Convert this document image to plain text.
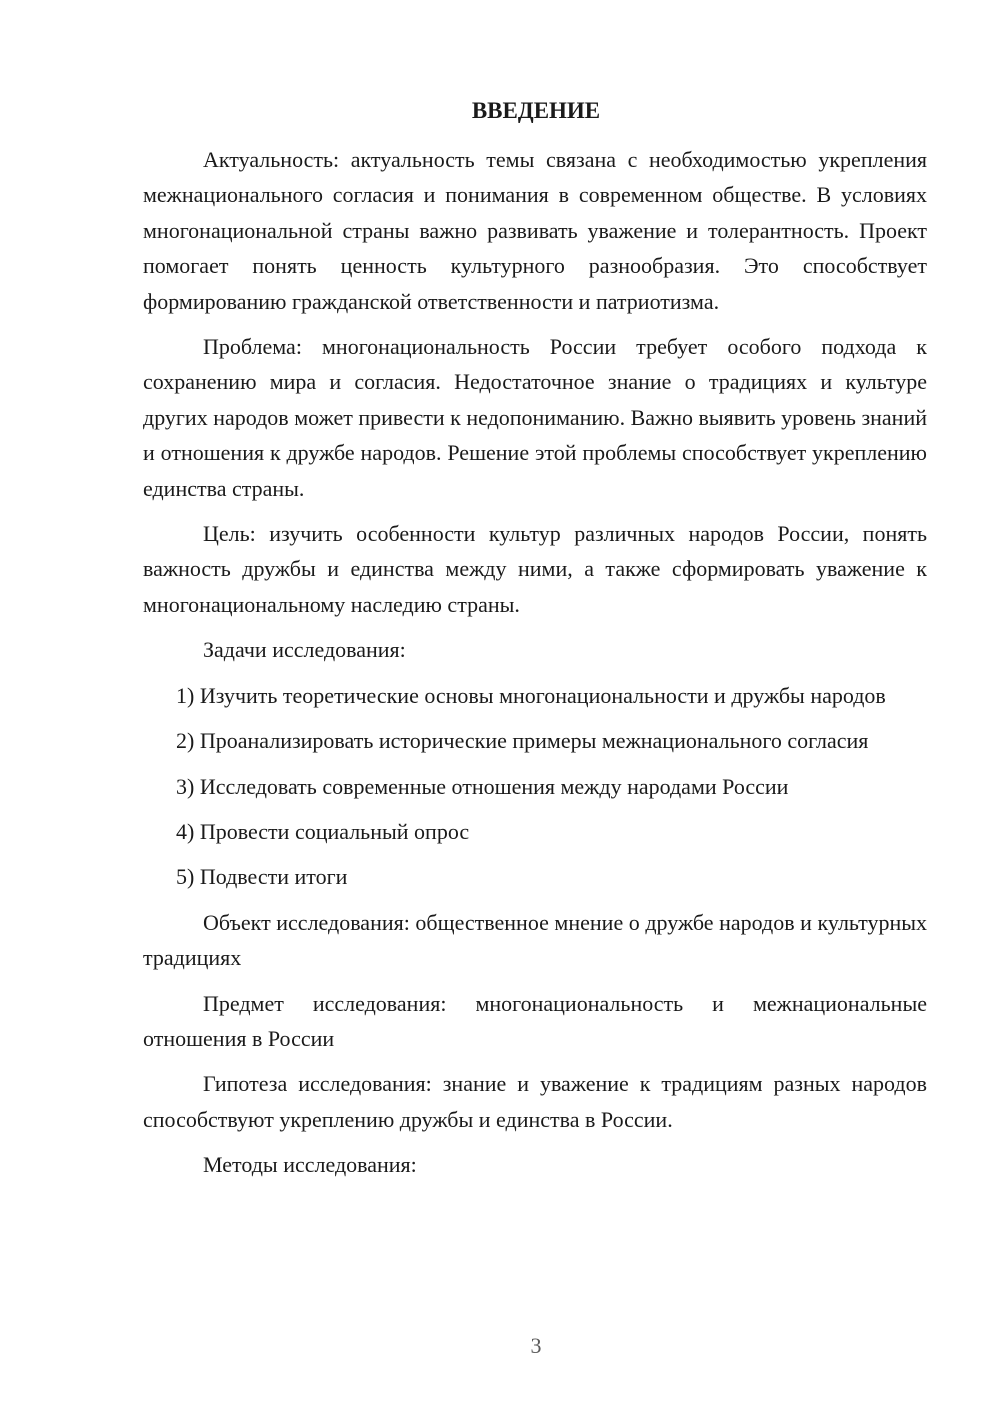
ВВЕДЕНИЕ

Актуальность: актуальность темы связана с необходимостью укрепления межнационального согласия и понимания в современном обществе. В условиях многонациональной страны важно развивать уважение и толерантность. Проект помогает понять ценность культурного разнообразия. Это способствует формированию гражданской ответственности и патриотизма.

Проблема: многонациональность России требует особого подхода к сохранению мира и согласия. Недостаточное знание о традициях и культуре других народов может привести к недопониманию. Важно выявить уровень знаний и отношения к дружбе народов. Решение этой проблемы способствует укреплению единства страны.

Цель: изучить особенности культур различных народов России, понять важность дружбы и единства между ними, а также сформировать уважение к многонациональному наследию страны.

Задачи исследования:

1) Изучить теоретические основы многонациональности и дружбы народов

2) Проанализировать исторические примеры межнационального согласия

3) Исследовать современные отношения между народами России

4) Провести социальный опрос

5) Подвести итоги

Объект исследования: общественное мнение о дружбе народов и культурных традициях

Предмет исследования: многонациональность и межнациональные отношения в России

Гипотеза исследования: знание и уважение к традициям разных народов способствуют укреплению дружбы и единства в России.

Методы исследования:

3
